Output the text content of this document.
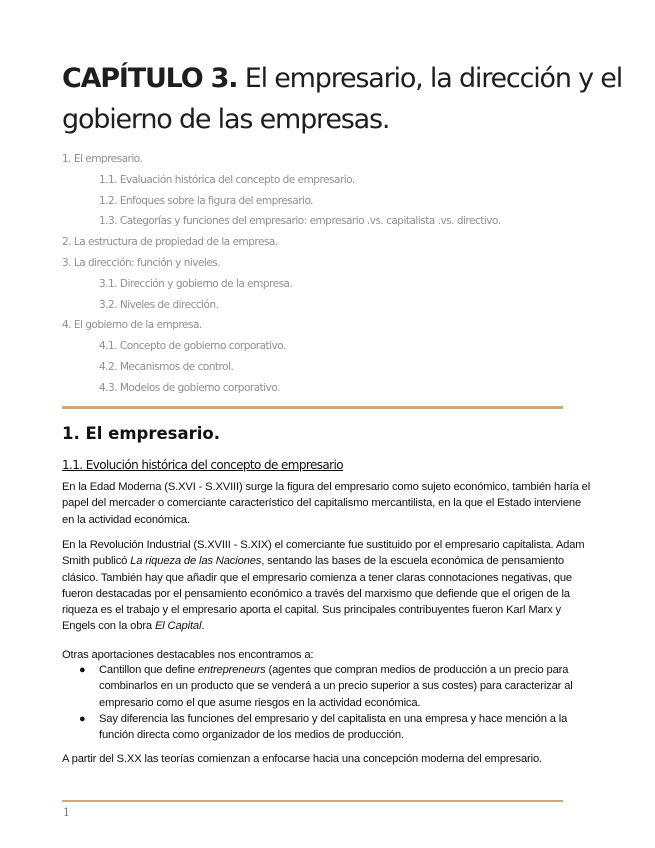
CAPÍTULO 3. El empresario, la dirección y el gobierno de las empresas.
1. El empresario.
1.1. Evaluación histórica del concepto de empresario.
1.2. Enfoques sobre la figura del empresario.
1.3. Categorías y funciones del empresario: empresario .vs. capitalista .vs. directivo.
2. La estructura de propiedad de la empresa.
3. La dirección: función y niveles.
3.1. Dirección y gobierno de la empresa.
3.2. Niveles de dirección.
4. El gobierno de la empresa.
4.1. Concepto de gobierno corporativo.
4.2. Mecanismos de control.
4.3. Modelos de gobierno corporativo.
1. El empresario.
1.1. Evolución histórica del concepto de empresario

En la Edad Moderna (S.XVI - S.XVIII) surge la figura del empresario como sujeto económico, también haría el papel del mercader o comerciante característico del capitalismo mercantilista, en la que el Estado interviene en la actividad económica.

En la Revolución Industrial (S.XVIII - S.XIX) el comerciante fue sustituido por el empresario capitalista. Adam Smith publicó La riqueza de las Naciones, sentando las bases de la escuela económica de pensamiento clásico. También hay que añadir que el empresario comienza a tener claras connotaciones negativas, que fueron destacadas por el pensamiento económico a través del marxismo que defiende que el origen de la riqueza es el trabajo y el empresario aporta el capital. Sus principales contribuyentes fueron Karl Marx y Engels con la obra El Capital.

Otras aportaciones destacables nos encontramos a:

● Cantillon que define entrepreneurs (agentes que compran medios de producción a un precio para combinarlos en un producto que se venderá a un precio superior a sus costes) para caracterizar al empresario como el que asume riesgos en la actividad económica.
● Say diferencia las funciones del empresario y del capitalista en una empresa y hace mención a la función directa como organizador de los medios de producción.

A partir del S.XX las teorías comienzan a enfocarse hacia una concepción moderna del empresario.

1
